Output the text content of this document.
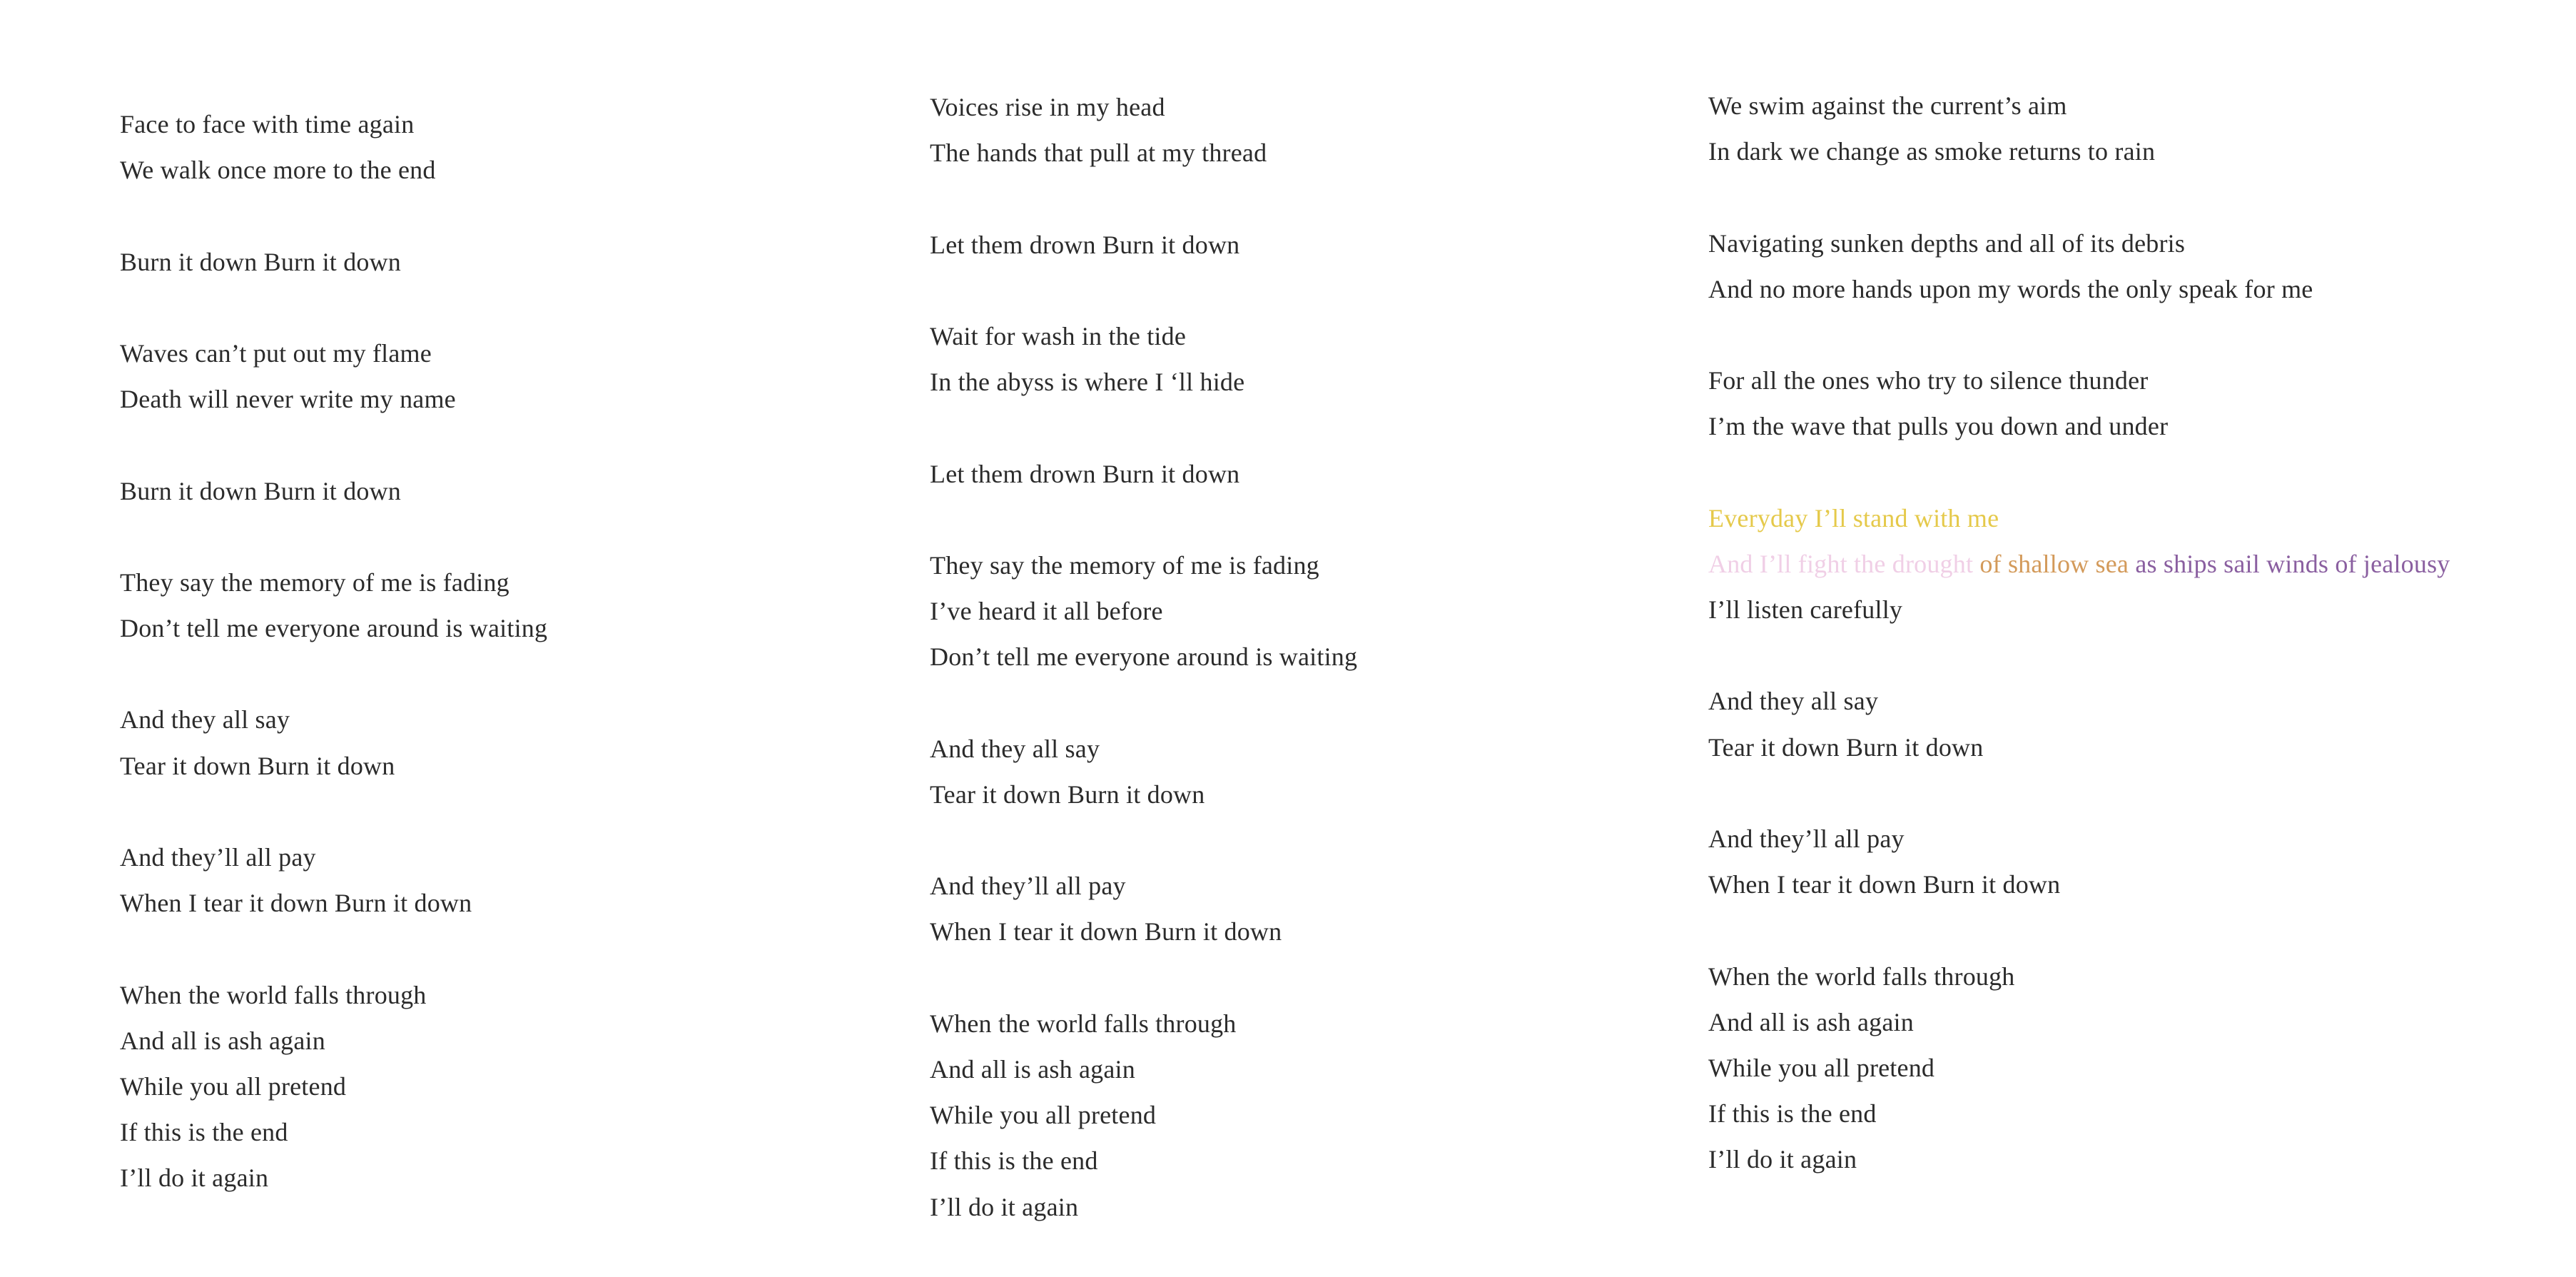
Face to face with time again
We walk once more to the end
Burn it down Burn it down
Waves can’t put out my flame
Death will never write my name
Burn it down Burn it down
They say the memory of me is fading
Don’t tell me everyone around is waiting
And they all say
Tear it down Burn it down
And they’ll all pay
When I tear it down Burn it down
When the world falls through
And all is ash again
While you all pretend
If this is the end
I’ll do it again
Voices rise in my head
The hands that pull at my thread
Let them drown Burn it down
Wait for wash in the tide
In the abyss is where I ‘ll hide
Let them drown Burn it down
They say the memory of me is fading
I’ve heard it all before
Don’t tell me everyone around is waiting
And they all say
Tear it down Burn it down
And they’ll all pay
When I tear it down Burn it down
When the world falls through
And all is ash again
While you all pretend
If this is the end
I’ll do it again
We swim against the current’s aim
In dark we change as smoke returns to rain
Navigating sunken depths and all of its debris
And no more hands upon my words the only speak for me
For all the ones who try to silence thunder
I’m the wave that pulls you down and under
Everyday I’ll stand with me
And I’ll fight the drought of shallow sea as ships sail winds of jealousy
I’ll listen carefully
And they all say
Tear it down Burn it down
And they’ll all pay
When I tear it down Burn it down
When the world falls through
And all is ash again
While you all pretend
If this is the end
I’ll do it again
